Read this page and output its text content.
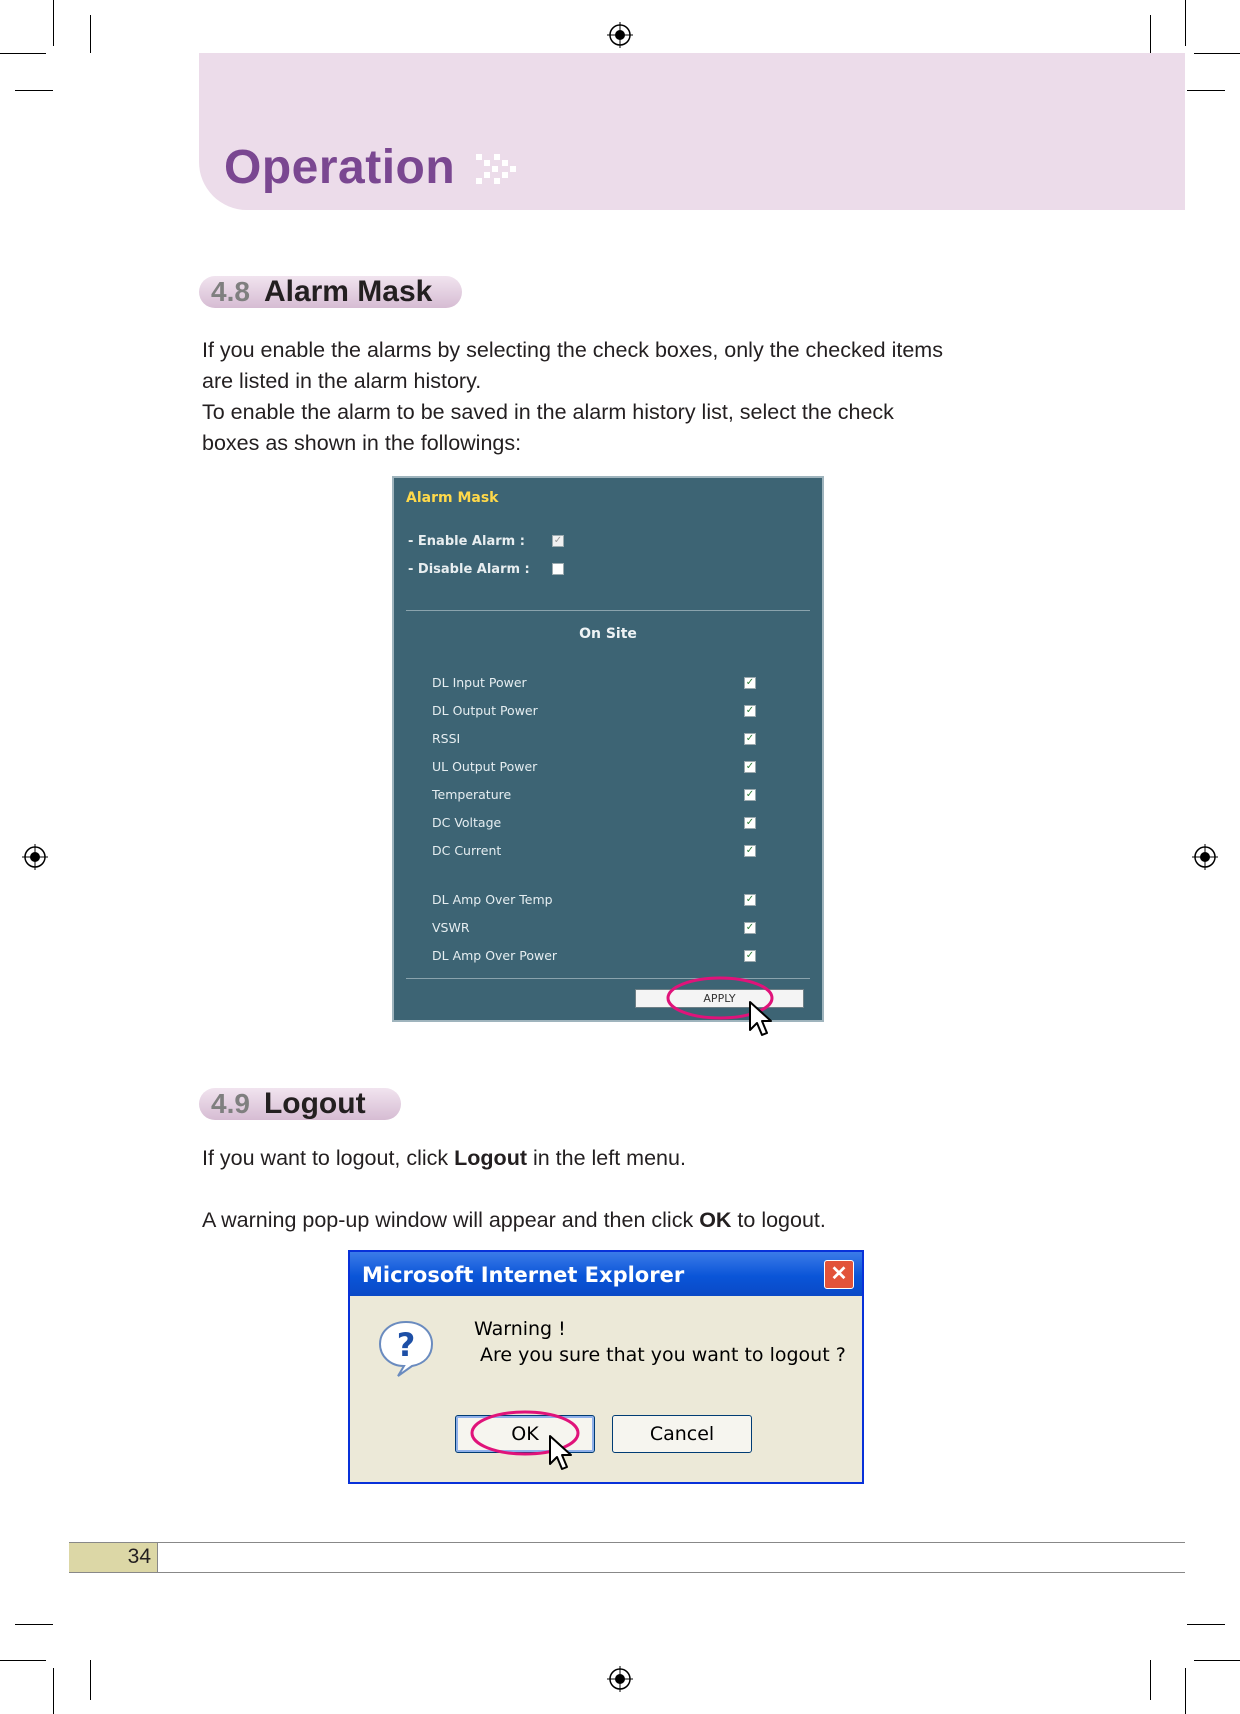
Operation
4.8 Alarm Mask
If you enable the alarms by selecting the check boxes, only the checked items
are listed in the alarm history.
To enable the alarm to be saved in the alarm history list, select the check
boxes as shown in the followings:
Alarm Mask
- Enable Alarm :	✓
- Disable Alarm :
On Site
DL Input Power	✓
DL Output Power	✓
RSSI	✓
UL Output Power	✓
Temperature	✓
DC Voltage	✓
DC Current	✓
DL Amp Over Temp	✓
VSWR	✓
DL Amp Over Power	✓
APPLY
4.9 Logout
If you want to logout, click Logout in the left menu.
A warning pop-up window will appear and then click OK to logout.
Microsoft Internet Explorer	✕
?	Warning !
Are you sure that you want to logout ?
OK	Cancel
34
